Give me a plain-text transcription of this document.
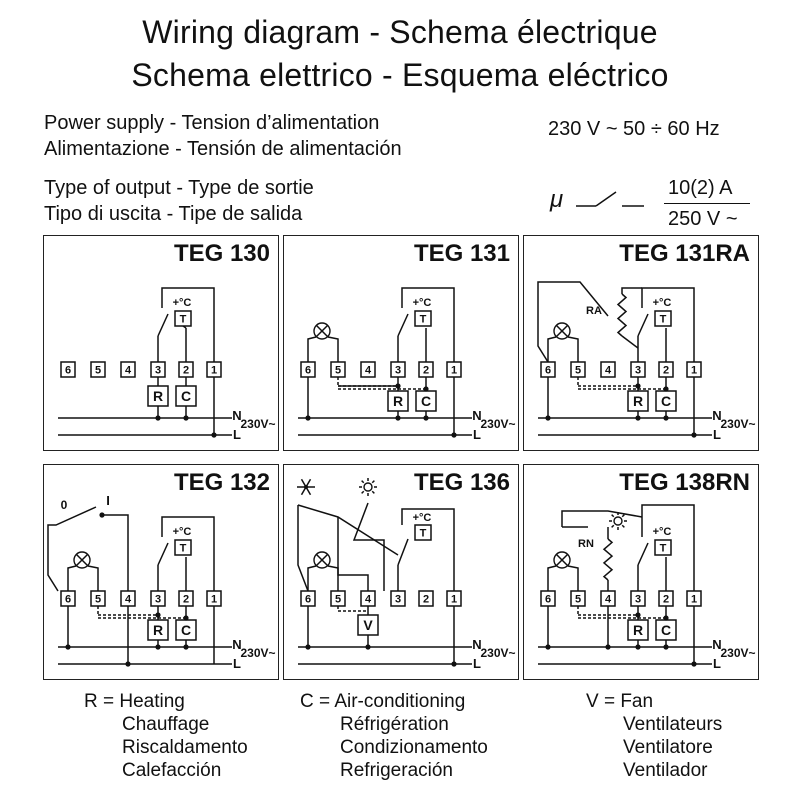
Wiring diagram - Schema électrique
Schema elettrico - Esquema eléctrico
Power supply - Tension d’alimentation
Alimentazione - Tensión de alimentación
230 V ~ 50 ÷ 60 Hz
Type of output - Type de sortie
Tipo di uscita - Tipe de salida
μ	10(2) A
250 V ~
TEG 130
6 5 4 3 2 1
N
L
230V~
+°C
T
R C
TEG 131
6 5 4 3 2 1
N
L
230V~
+°C
T
R C
TEG 131RA
6 5 4 3 2 1
N
L
230V~
+°C
T
RA
R C
TEG 132
6 5 4 3 2 1
N
L
230V~
+°C
T
0	I
R C
TEG 136
6 5 4 3 2 1
N
L
230V~
+°C
T
V
TEG 138RN
6 5 4 3 2 1
N
L
230V~
+°C
T
RN
R C
R = Heating
Chauffage
Riscaldamento
Calefacción
C = Air-conditioning
Réfrigération
Condizionamento
Refrigeración
V = Fan
Ventilateurs
Ventilatore
Ventilador
